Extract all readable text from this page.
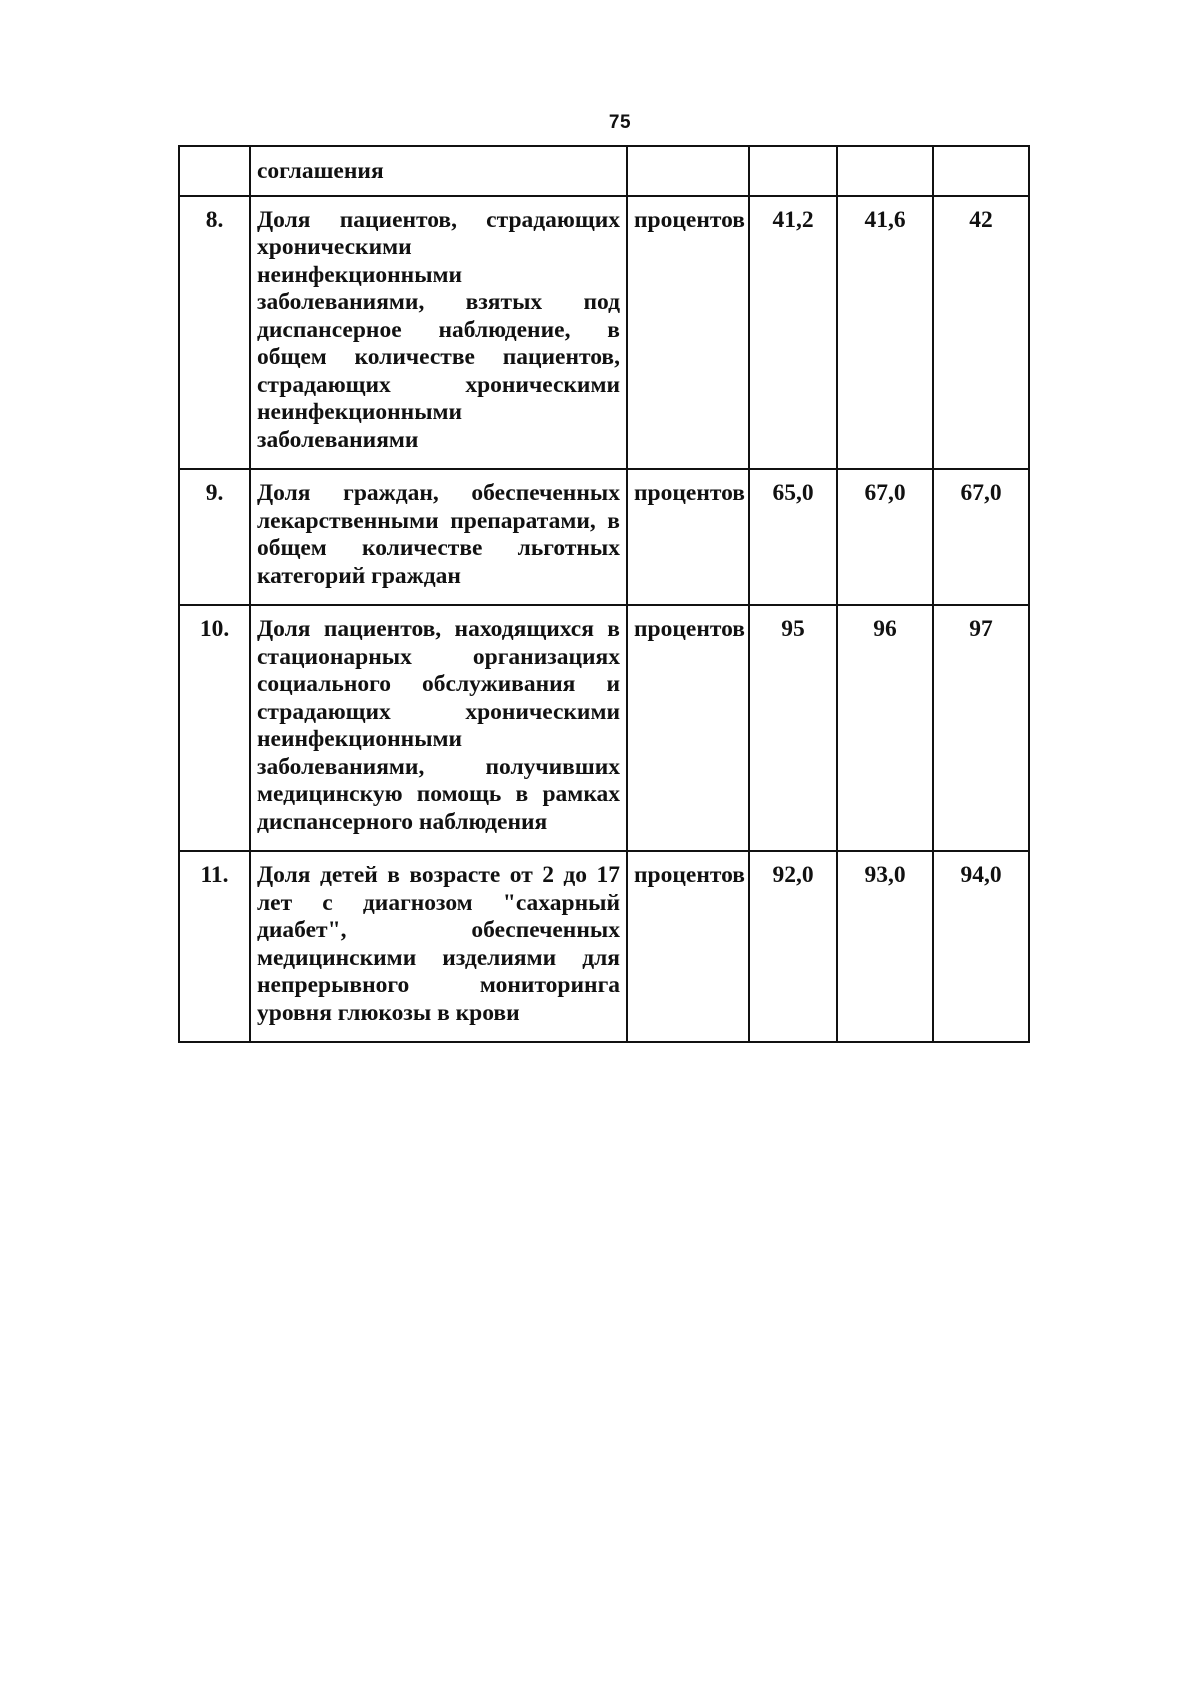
75
	соглашения				
8.	Доля пациентов, страдающих хроническими неинфекционными заболеваниями, взятых под диспансерное наблюдение, в общем количестве пациентов, страдающих хроническими неинфекционными заболеваниями	процентов	41,2	41,6	42
9.	Доля граждан, обеспеченных лекарственными препаратами, в общем количестве льготных категорий граждан	процентов	65,0	67,0	67,0
10.	Доля пациентов, находящихся в стационарных организациях социального обслуживания и страдающих хроническими неинфекционными заболеваниями, получивших медицинскую помощь в рамках диспансерного наблюдения	процентов	95	96	97
11.	Доля детей в возрасте от 2 до 17 лет с диагнозом "сахарный диабет", обеспеченных медицинскими изделиями для непрерывного мониторинга уровня глюкозы в крови	процентов	92,0	93,0	94,0
